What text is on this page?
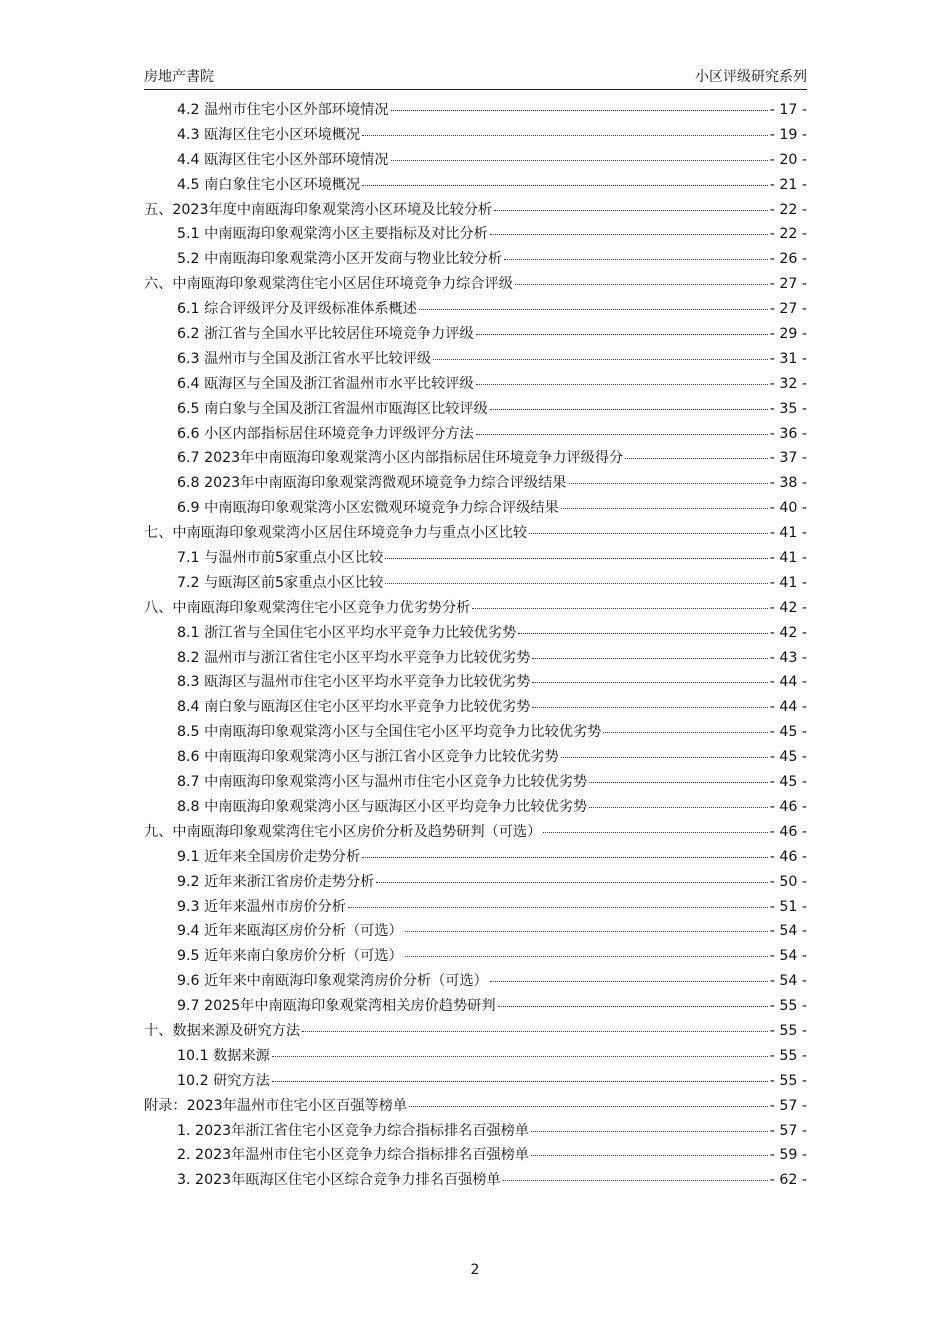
房地产書院	小区评级研究系列
4.2 温州市住宅小区外部环境情况	- 17 -
4.3 瓯海区住宅小区环境概况	- 19 -
4.4 瓯海区住宅小区外部环境情况	- 20 -
4.5 南白象住宅小区环境概况	- 21 -
五、2023年度中南瓯海印象观棠湾小区环境及比较分析	- 22 -
5.1 中南瓯海印象观棠湾小区主要指标及对比分析	- 22 -
5.2 中南瓯海印象观棠湾小区开发商与物业比较分析	- 26 -
六、中南瓯海印象观棠湾住宅小区居住环境竞争力综合评级	- 27 -
6.1 综合评级评分及评级标准体系概述	- 27 -
6.2 浙江省与全国水平比较居住环境竞争力评级	- 29 -
6.3 温州市与全国及浙江省水平比较评级	- 31 -
6.4 瓯海区与全国及浙江省温州市水平比较评级	- 32 -
6.5 南白象与全国及浙江省温州市瓯海区比较评级	- 35 -
6.6 小区内部指标居住环境竞争力评级评分方法	- 36 -
6.7 2023年中南瓯海印象观棠湾小区内部指标居住环境竞争力评级得分	- 37 -
6.8 2023年中南瓯海印象观棠湾微观环境竞争力综合评级结果	- 38 -
6.9 中南瓯海印象观棠湾小区宏微观环境竞争力综合评级结果	- 40 -
七、中南瓯海印象观棠湾小区居住环境竞争力与重点小区比较	- 41 -
7.1 与温州市前5家重点小区比较	- 41 -
7.2 与瓯海区前5家重点小区比较	- 41 -
八、中南瓯海印象观棠湾住宅小区竞争力优劣势分析	- 42 -
8.1 浙江省与全国住宅小区平均水平竞争力比较优劣势	- 42 -
8.2 温州市与浙江省住宅小区平均水平竞争力比较优劣势	- 43 -
8.3 瓯海区与温州市住宅小区平均水平竞争力比较优劣势	- 44 -
8.4 南白象与瓯海区住宅小区平均水平竞争力比较优劣势	- 44 -
8.5 中南瓯海印象观棠湾小区与全国住宅小区平均竞争力比较优劣势	- 45 -
8.6 中南瓯海印象观棠湾小区与浙江省小区竞争力比较优劣势	- 45 -
8.7 中南瓯海印象观棠湾小区与温州市住宅小区竞争力比较优劣势	- 45 -
8.8 中南瓯海印象观棠湾小区与瓯海区小区平均竞争力比较优劣势	- 46 -
九、中南瓯海印象观棠湾住宅小区房价分析及趋势研判（可选）	- 46 -
9.1 近年来全国房价走势分析	- 46 -
9.2 近年来浙江省房价走势分析	- 50 -
9.3 近年来温州市房价分析	- 51 -
9.4 近年来瓯海区房价分析（可选）	- 54 -
9.5 近年来南白象房价分析（可选）	- 54 -
9.6 近年来中南瓯海印象观棠湾房价分析（可选）	- 54 -
9.7 2025年中南瓯海印象观棠湾相关房价趋势研判	- 55 -
十、数据来源及研究方法	- 55 -
10.1 数据来源	- 55 -
10.2 研究方法	- 55 -
附录：2023年温州市住宅小区百强等榜单	- 57 -
1. 2023年浙江省住宅小区竞争力综合指标排名百强榜单	- 57 -
2. 2023年温州市住宅小区竞争力综合指标排名百强榜单	- 59 -
3. 2023年瓯海区住宅小区综合竞争力排名百强榜单	- 62 -
2
